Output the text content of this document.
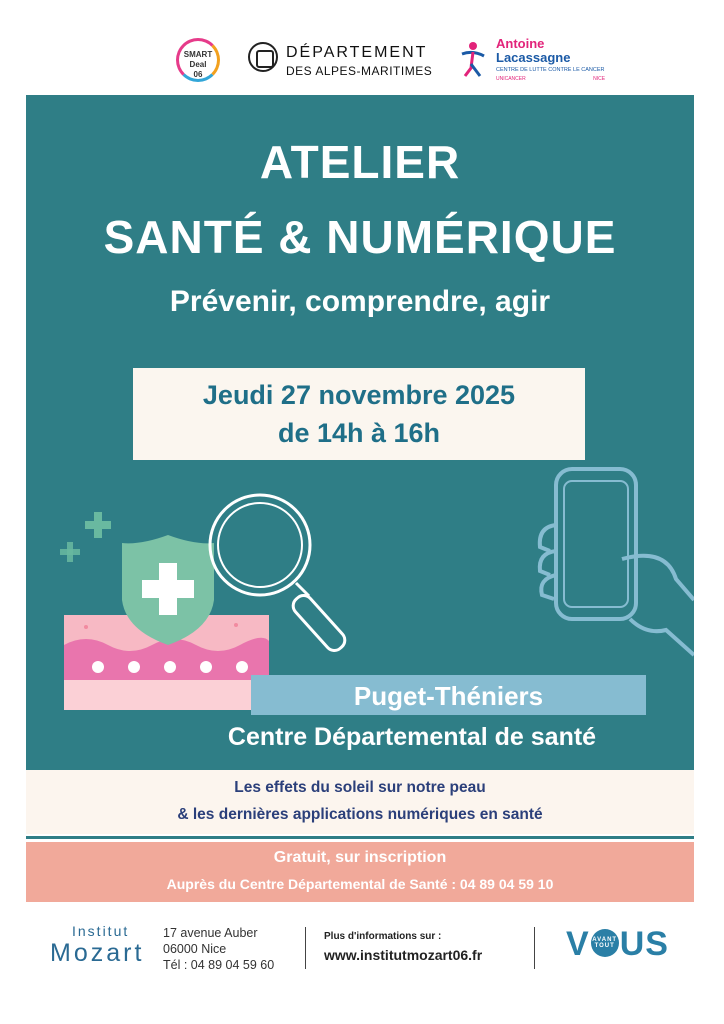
SMART
Deal
06
DÉPARTEMENT
DES ALPES-MARITIMES
Antoine
Lacassagne
CENTRE DE LUTTE CONTRE LE CANCER
UNICANCER	NICE
ATELIER
SANTÉ & NUMÉRIQUE
Prévenir, comprendre, agir
Jeudi 27 novembre 2025
de 14h à 16h
Puget-Théniers
Centre Départemental de santé
Les effets du soleil sur notre peau
& les dernières applications numériques en santé
Gratuit, sur inscription
Auprès du Centre Départemental de Santé : 04 89 04 59 10
Institut
Mozart
17 avenue Auber
06000 Nice
Tél : 04 89 04 59 60
Plus d'informations sur :
www.institutmozart06.fr V AVANT
TOUT US
